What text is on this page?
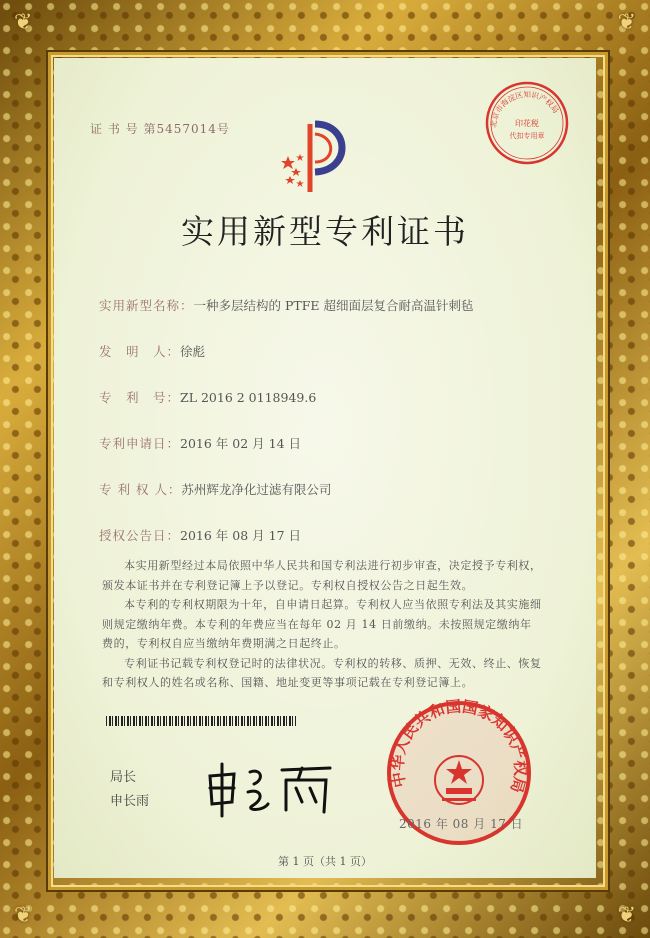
❦	❦
❦	❦
证 书 号 第5457014号	北京市海淀区知识产权局
印花税
代扣专用章
实用新型专利证书
实用新型名称：一种多层结构的 PTFE 超细面层复合耐高温针刺毡
发　明　人：徐彪
专　利　号：ZL 2016 2 0118949.6
专利申请日：2016 年 02 月 14 日
专 利 权 人：苏州辉龙净化过滤有限公司
授权公告日：2016 年 08 月 17 日

本实用新型经过本局依照中华人民共和国专利法进行初步审查，决定授予专利权，颁发本证书并在专利登记簿上予以登记。专利权自授权公告之日起生效。

本专利的专利权期限为十年，自申请日起算。专利权人应当依照专利法及其实施细则规定缴纳年费。本专利的年费应当在每年 02 月 14 日前缴纳。未按照规定缴纳年费的，专利权自应当缴纳年费期满之日起终止。

专利证书记载专利权登记时的法律状况。专利权的转移、质押、无效、终止、恢复和专利权人的姓名或名称、国籍、地址变更等事项记载在专利登记簿上。

局长
申长雨
中华人民共和国国家知识产权局
2016 年 08 月 17 日
第 1 页（共 1 页）
